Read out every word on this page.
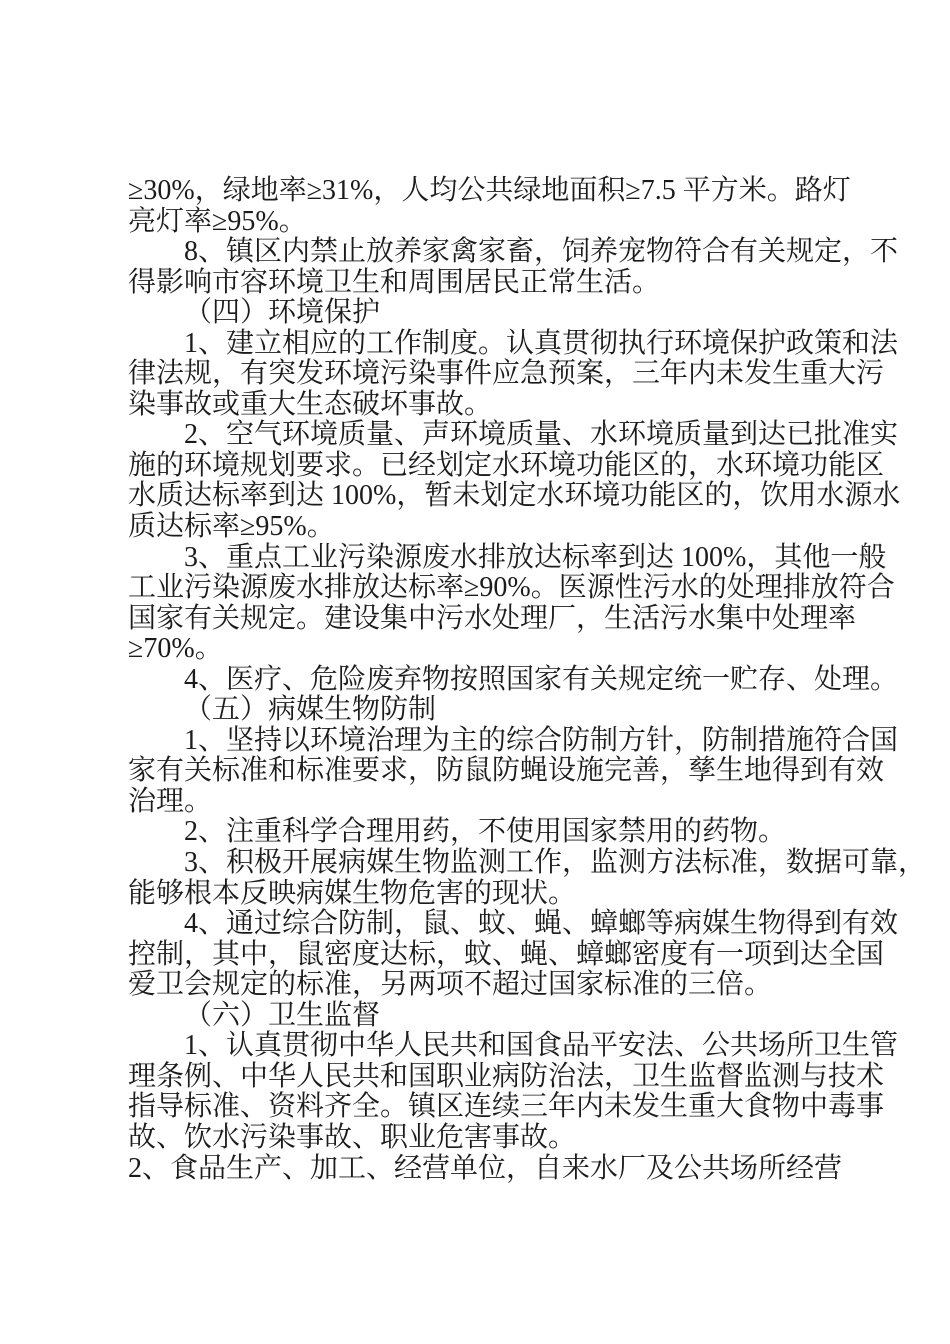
≥30%，绿地率≥31%，人均公共绿地面积≥7.5 平方米。路灯
亮灯率≥95%。
8、镇区内禁止放养家禽家畜，饲养宠物符合有关规定，不
得影响市容环境卫生和周围居民正常生活。
（四）环境保护
1、建立相应的工作制度。认真贯彻执行环境保护政策和法
律法规，有突发环境污染事件应急预案，三年内未发生重大污
染事故或重大生态破坏事故。
2、空气环境质量、声环境质量、水环境质量到达已批准实
施的环境规划要求。已经划定水环境功能区的，水环境功能区
水质达标率到达 100%，暂未划定水环境功能区的，饮用水源水
质达标率≥95%。
3、重点工业污染源废水排放达标率到达 100%，其他一般
工业污染源废水排放达标率≥90%。医源性污水的处理排放符合
国家有关规定。建设集中污水处理厂，生活污水集中处理率
≥70%。
4、医疗、危险废弃物按照国家有关规定统一贮存、处理。
（五）病媒生物防制
1、坚持以环境治理为主的综合防制方针，防制措施符合国
家有关标准和标准要求，防鼠防蝇设施完善，孳生地得到有效
治理。
2、注重科学合理用药，不使用国家禁用的药物。
3、积极开展病媒生物监测工作，监测方法标准，数据可靠，
能够根本反映病媒生物危害的现状。
4、通过综合防制，鼠、蚊、蝇、蟑螂等病媒生物得到有效
控制，其中，鼠密度达标，蚊、蝇、蟑螂密度有一项到达全国
爱卫会规定的标准，另两项不超过国家标准的三倍。
（六）卫生监督
1、认真贯彻中华人民共和国食品平安法、公共场所卫生管
理条例、中华人民共和国职业病防治法，卫生监督监测与技术
指导标准、资料齐全。镇区连续三年内未发生重大食物中毒事
故、饮水污染事故、职业危害事故。
2、食品生产、加工、经营单位，自来水厂及公共场所经营
